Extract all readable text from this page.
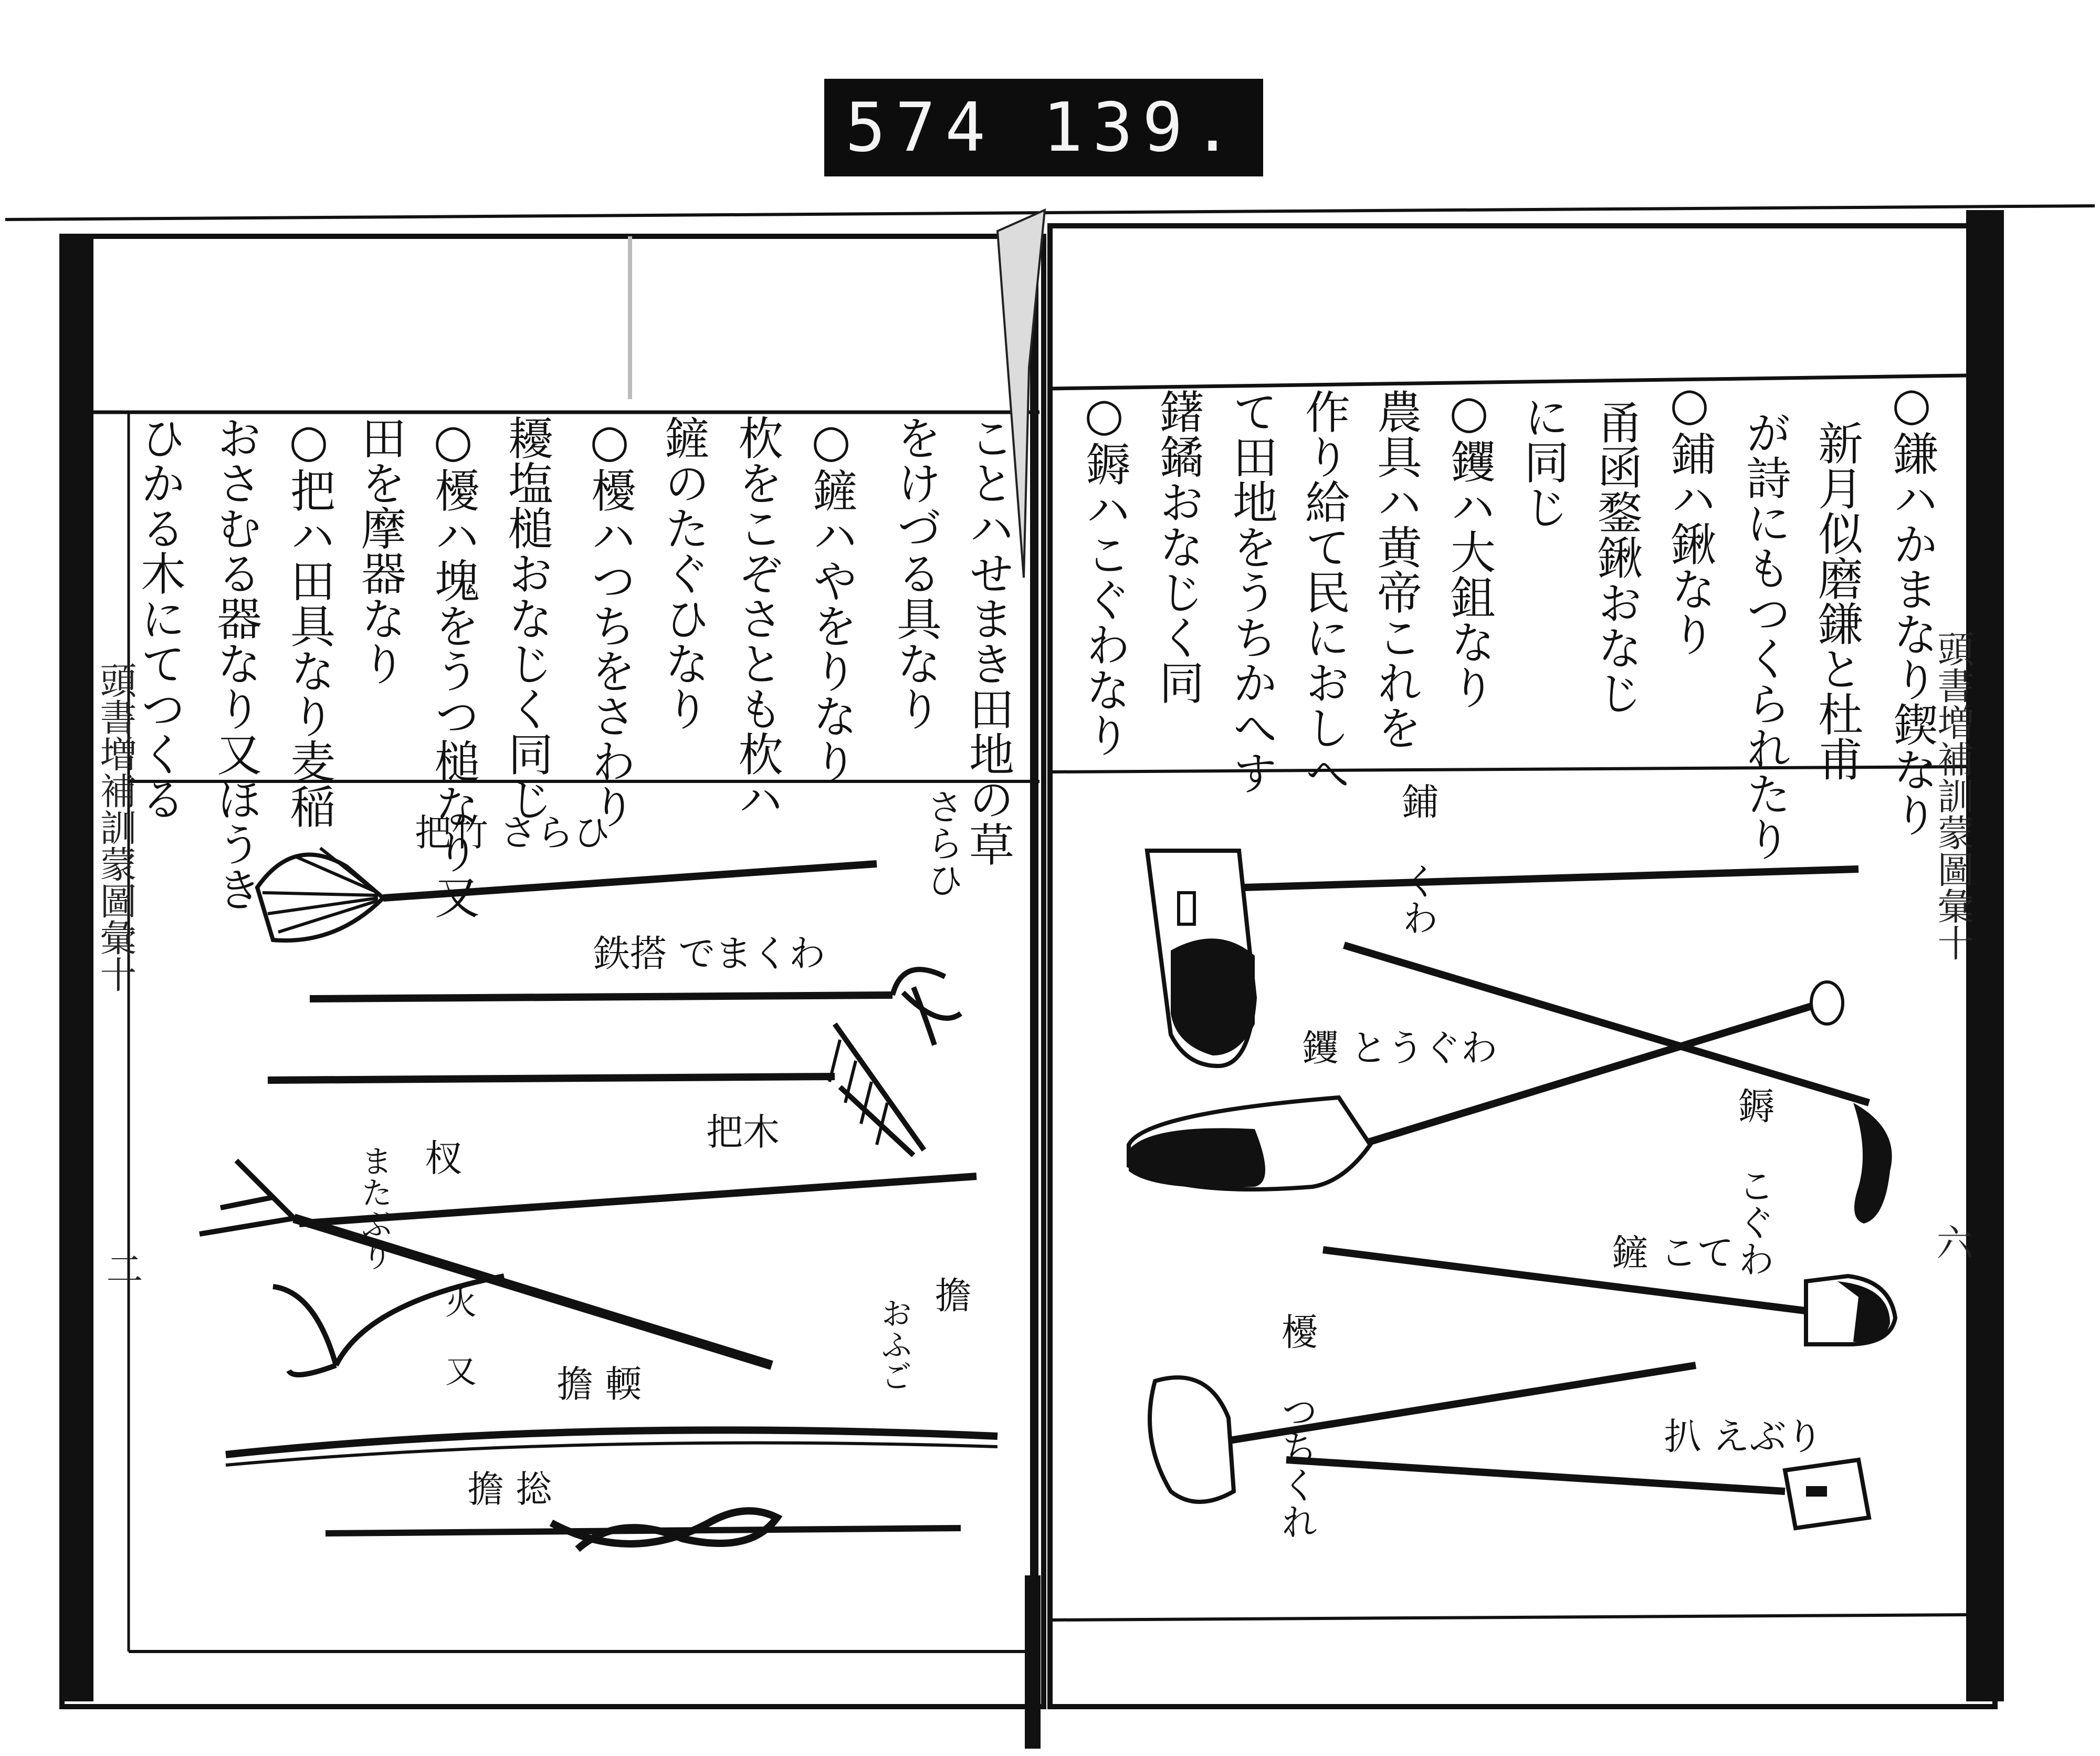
574 139.
○鎌ハかまなり鍥なり
新月似磨鎌と杜甫
が詩にもつくられたり
○鋪ハ鍬なり
甬函鍪鍬おなじ
に同じ
○钁ハ大鉏なり
農具ハ黄帝これを
作り給て民におしへ
て田地をうちかへす
鐯鐍おなじく同
○鎒ハこぐわなり
ことハせまき田地の草
をけづる具なり
○鏟ハやをりなり
杴をこぞさとも杴ハ
鏟のたぐひなり
○櫌ハつちをさわり
耰塩槌おなじく同じ
○櫌ハ塊をうつ槌なり又
田を摩器なり
○把ハ田具なり麦稲
おさむる器なり又ほうき
ひかる木にてつくる
頭書増補訓蒙圖彙十
二
頭書増補訓蒙圖彙十
六
把竹 さらひ	さらひ
鉄搭 でまくわ
把木
杈
またぶり
火 又	擔
おふご
擔 輭
擔 捴
鋪 くわ
钁 とうぐわ
鎒 こぐわ
鏟 こて
櫌 つちくれ	扒 えぶり
